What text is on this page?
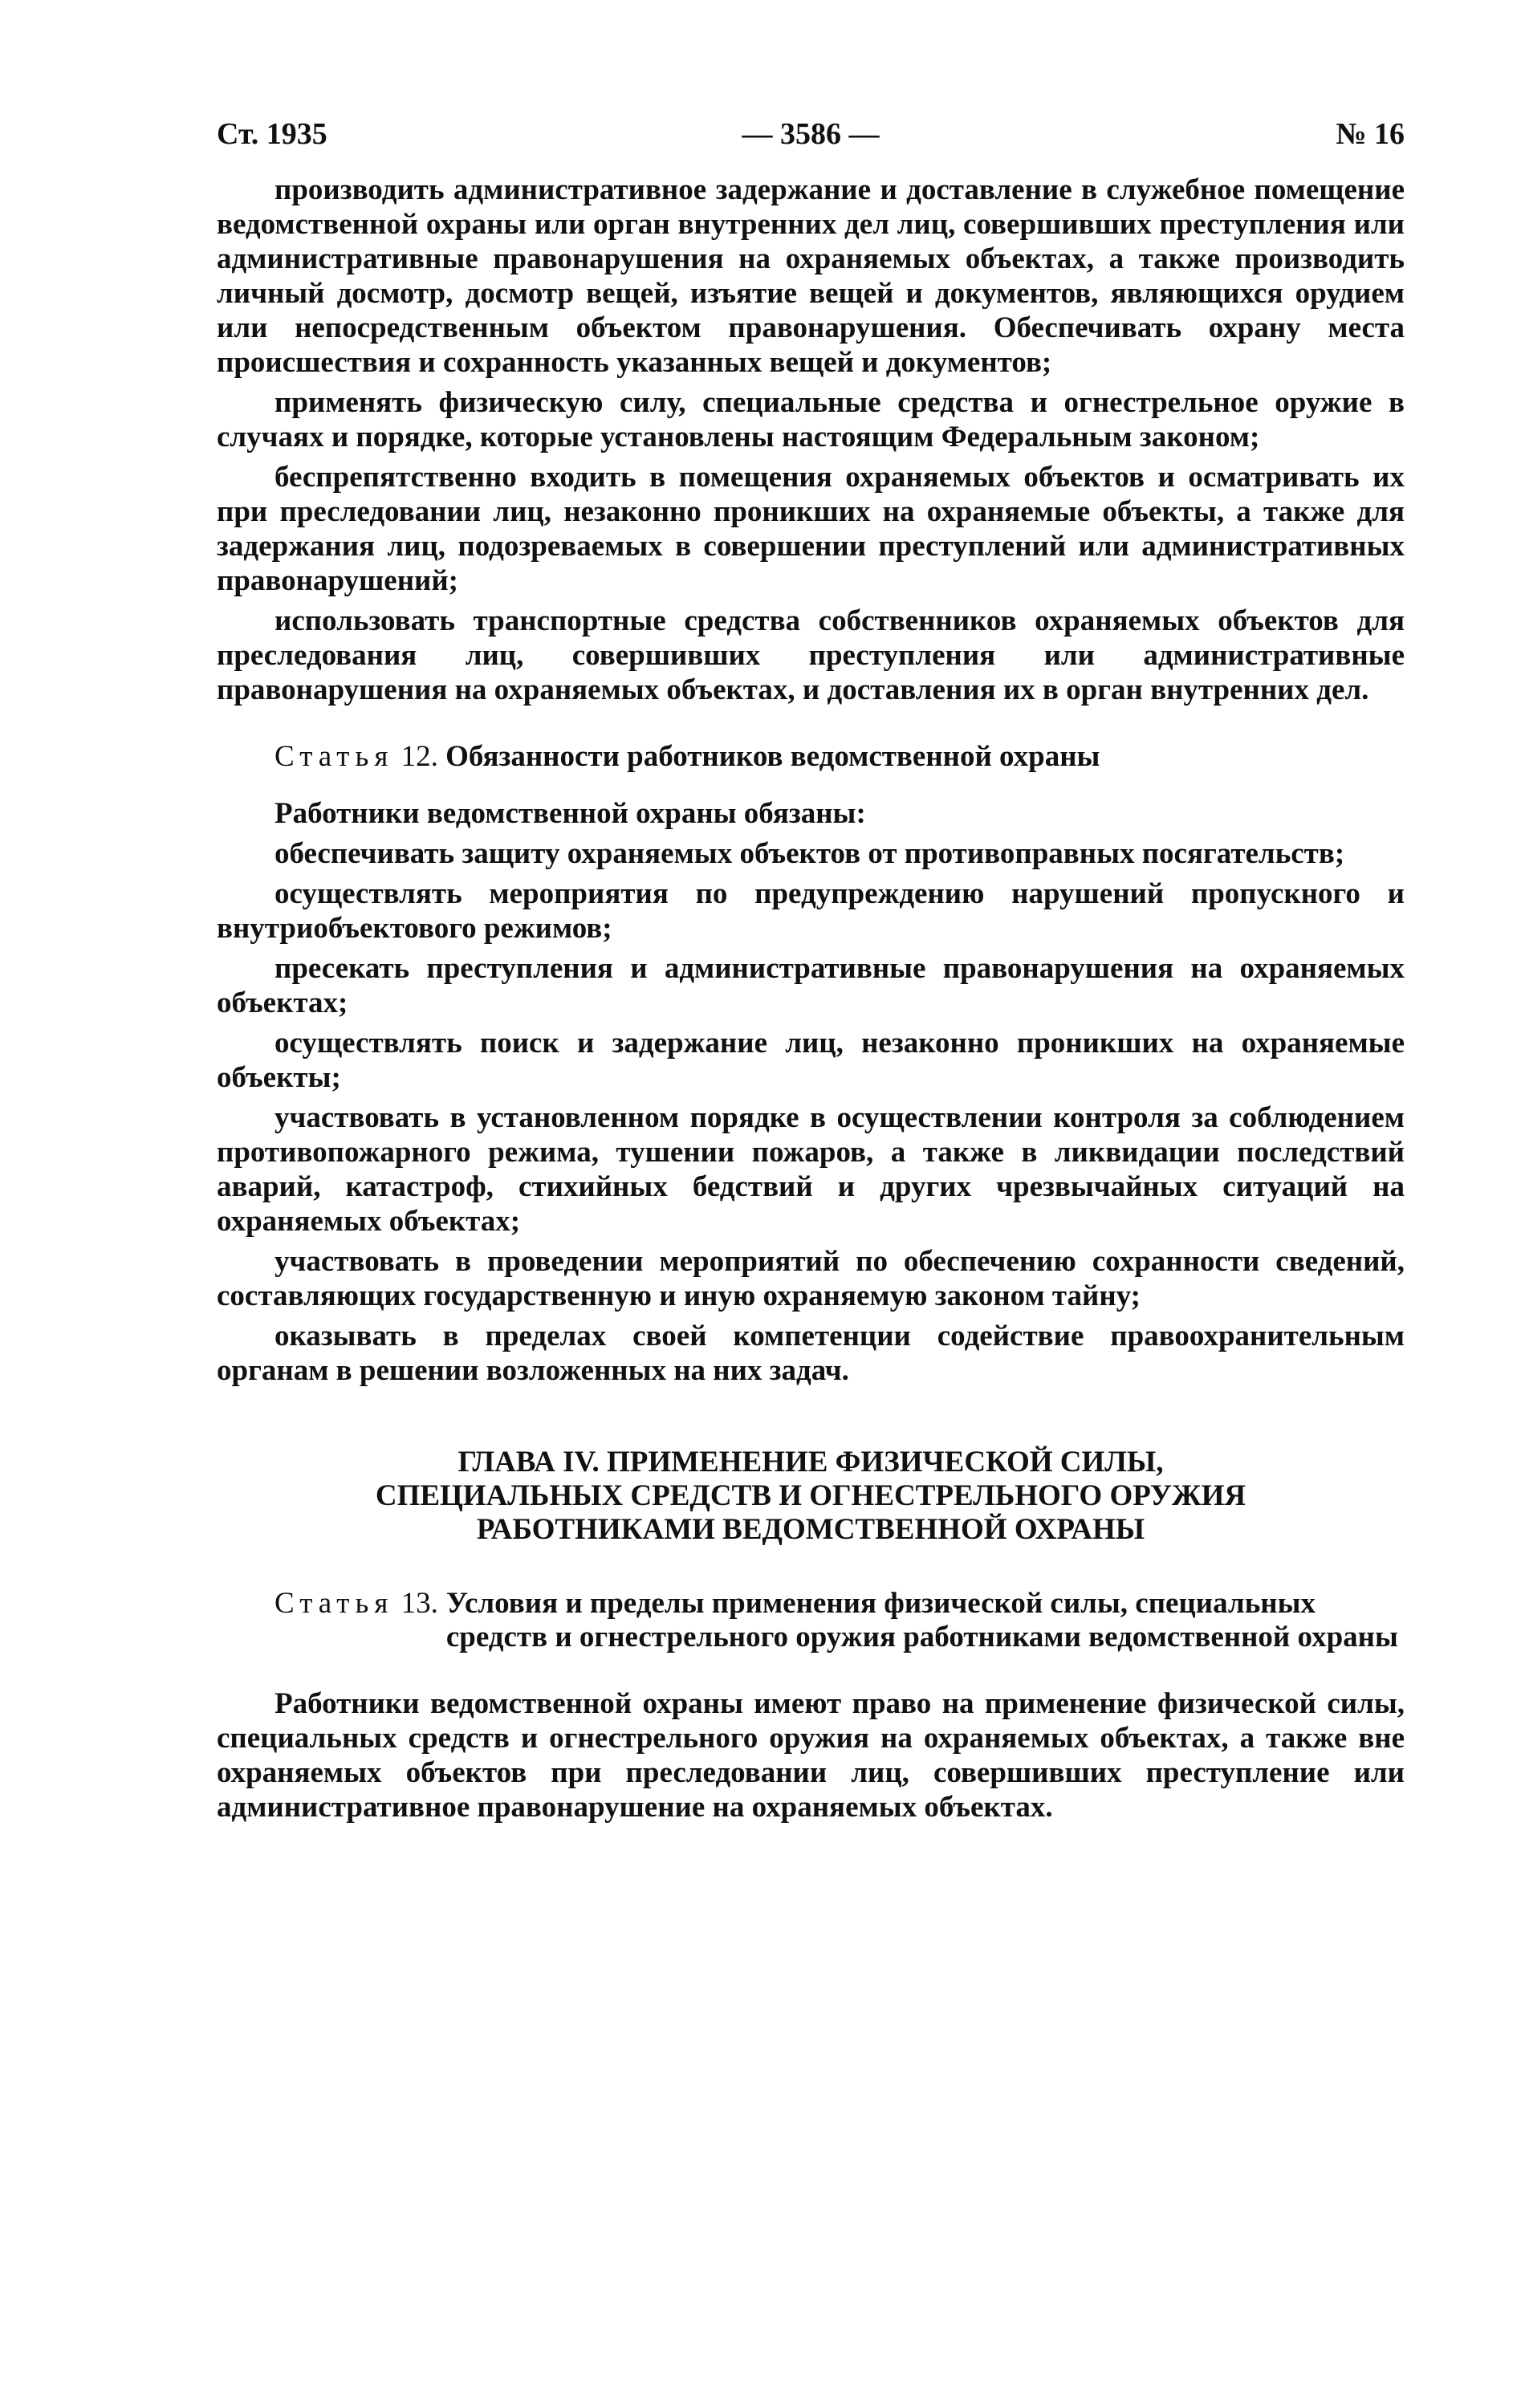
Ст. 1935	— 3586 —	№ 16

производить административное задержание и доставление в служебное помещение ведомственной охраны или орган внутренних дел лиц, совершивших преступления или административные правонарушения на охраняемых объектах, а также производить личный досмотр, досмотр вещей, изъятие вещей и документов, являющихся орудием или непосредственным объектом правонарушения. Обеспечивать охрану места происшествия и сохранность указанных вещей и документов;

применять физическую силу, специальные средства и огнестрельное оружие в случаях и порядке, которые установлены настоящим Федеральным законом;

беспрепятственно входить в помещения охраняемых объектов и осматривать их при преследовании лиц, незаконно проникших на охраняемые объекты, а также для задержания лиц, подозреваемых в совершении преступлений или административных правонарушений;

использовать транспортные средства собственников охраняемых объектов для преследования лиц, совершивших преступления или административные правонарушения на охраняемых объектах, и доставления их в орган внутренних дел.

Статья 12. Обязанности работников ведомственной охраны

Работники ведомственной охраны обязаны:

обеспечивать защиту охраняемых объектов от противоправных посягательств;

осуществлять мероприятия по предупреждению нарушений пропускного и внутриобъектового режимов;

пресекать преступления и административные правонарушения на охраняемых объектах;

осуществлять поиск и задержание лиц, незаконно проникших на охраняемые объекты;

участвовать в установленном порядке в осуществлении контроля за соблюдением противопожарного режима, тушении пожаров, а также в ликвидации последствий аварий, катастроф, стихийных бедствий и других чрезвычайных ситуаций на охраняемых объектах;

участвовать в проведении мероприятий по обеспечению сохранности сведений, составляющих государственную и иную охраняемую законом тайну;

оказывать в пределах своей компетенции содействие правоохранительным органам в решении возложенных на них задач.

ГЛАВА IV. ПРИМЕНЕНИЕ ФИЗИЧЕСКОЙ СИЛЫ,
СПЕЦИАЛЬНЫХ СРЕДСТВ И ОГНЕСТРЕЛЬНОГО ОРУЖИЯ
РАБОТНИКАМИ ВЕДОМСТВЕННОЙ ОХРАНЫ
Статья 13. Условия и пределы применения физической силы, специальных средств и огнестрельного оружия работниками ведомственной охраны

Работники ведомственной охраны имеют право на применение физической силы, специальных средств и огнестрельного оружия на охраняемых объектах, а также вне охраняемых объектов при преследовании лиц, совершивших преступление или административное правонарушение на охраняемых объектах.
